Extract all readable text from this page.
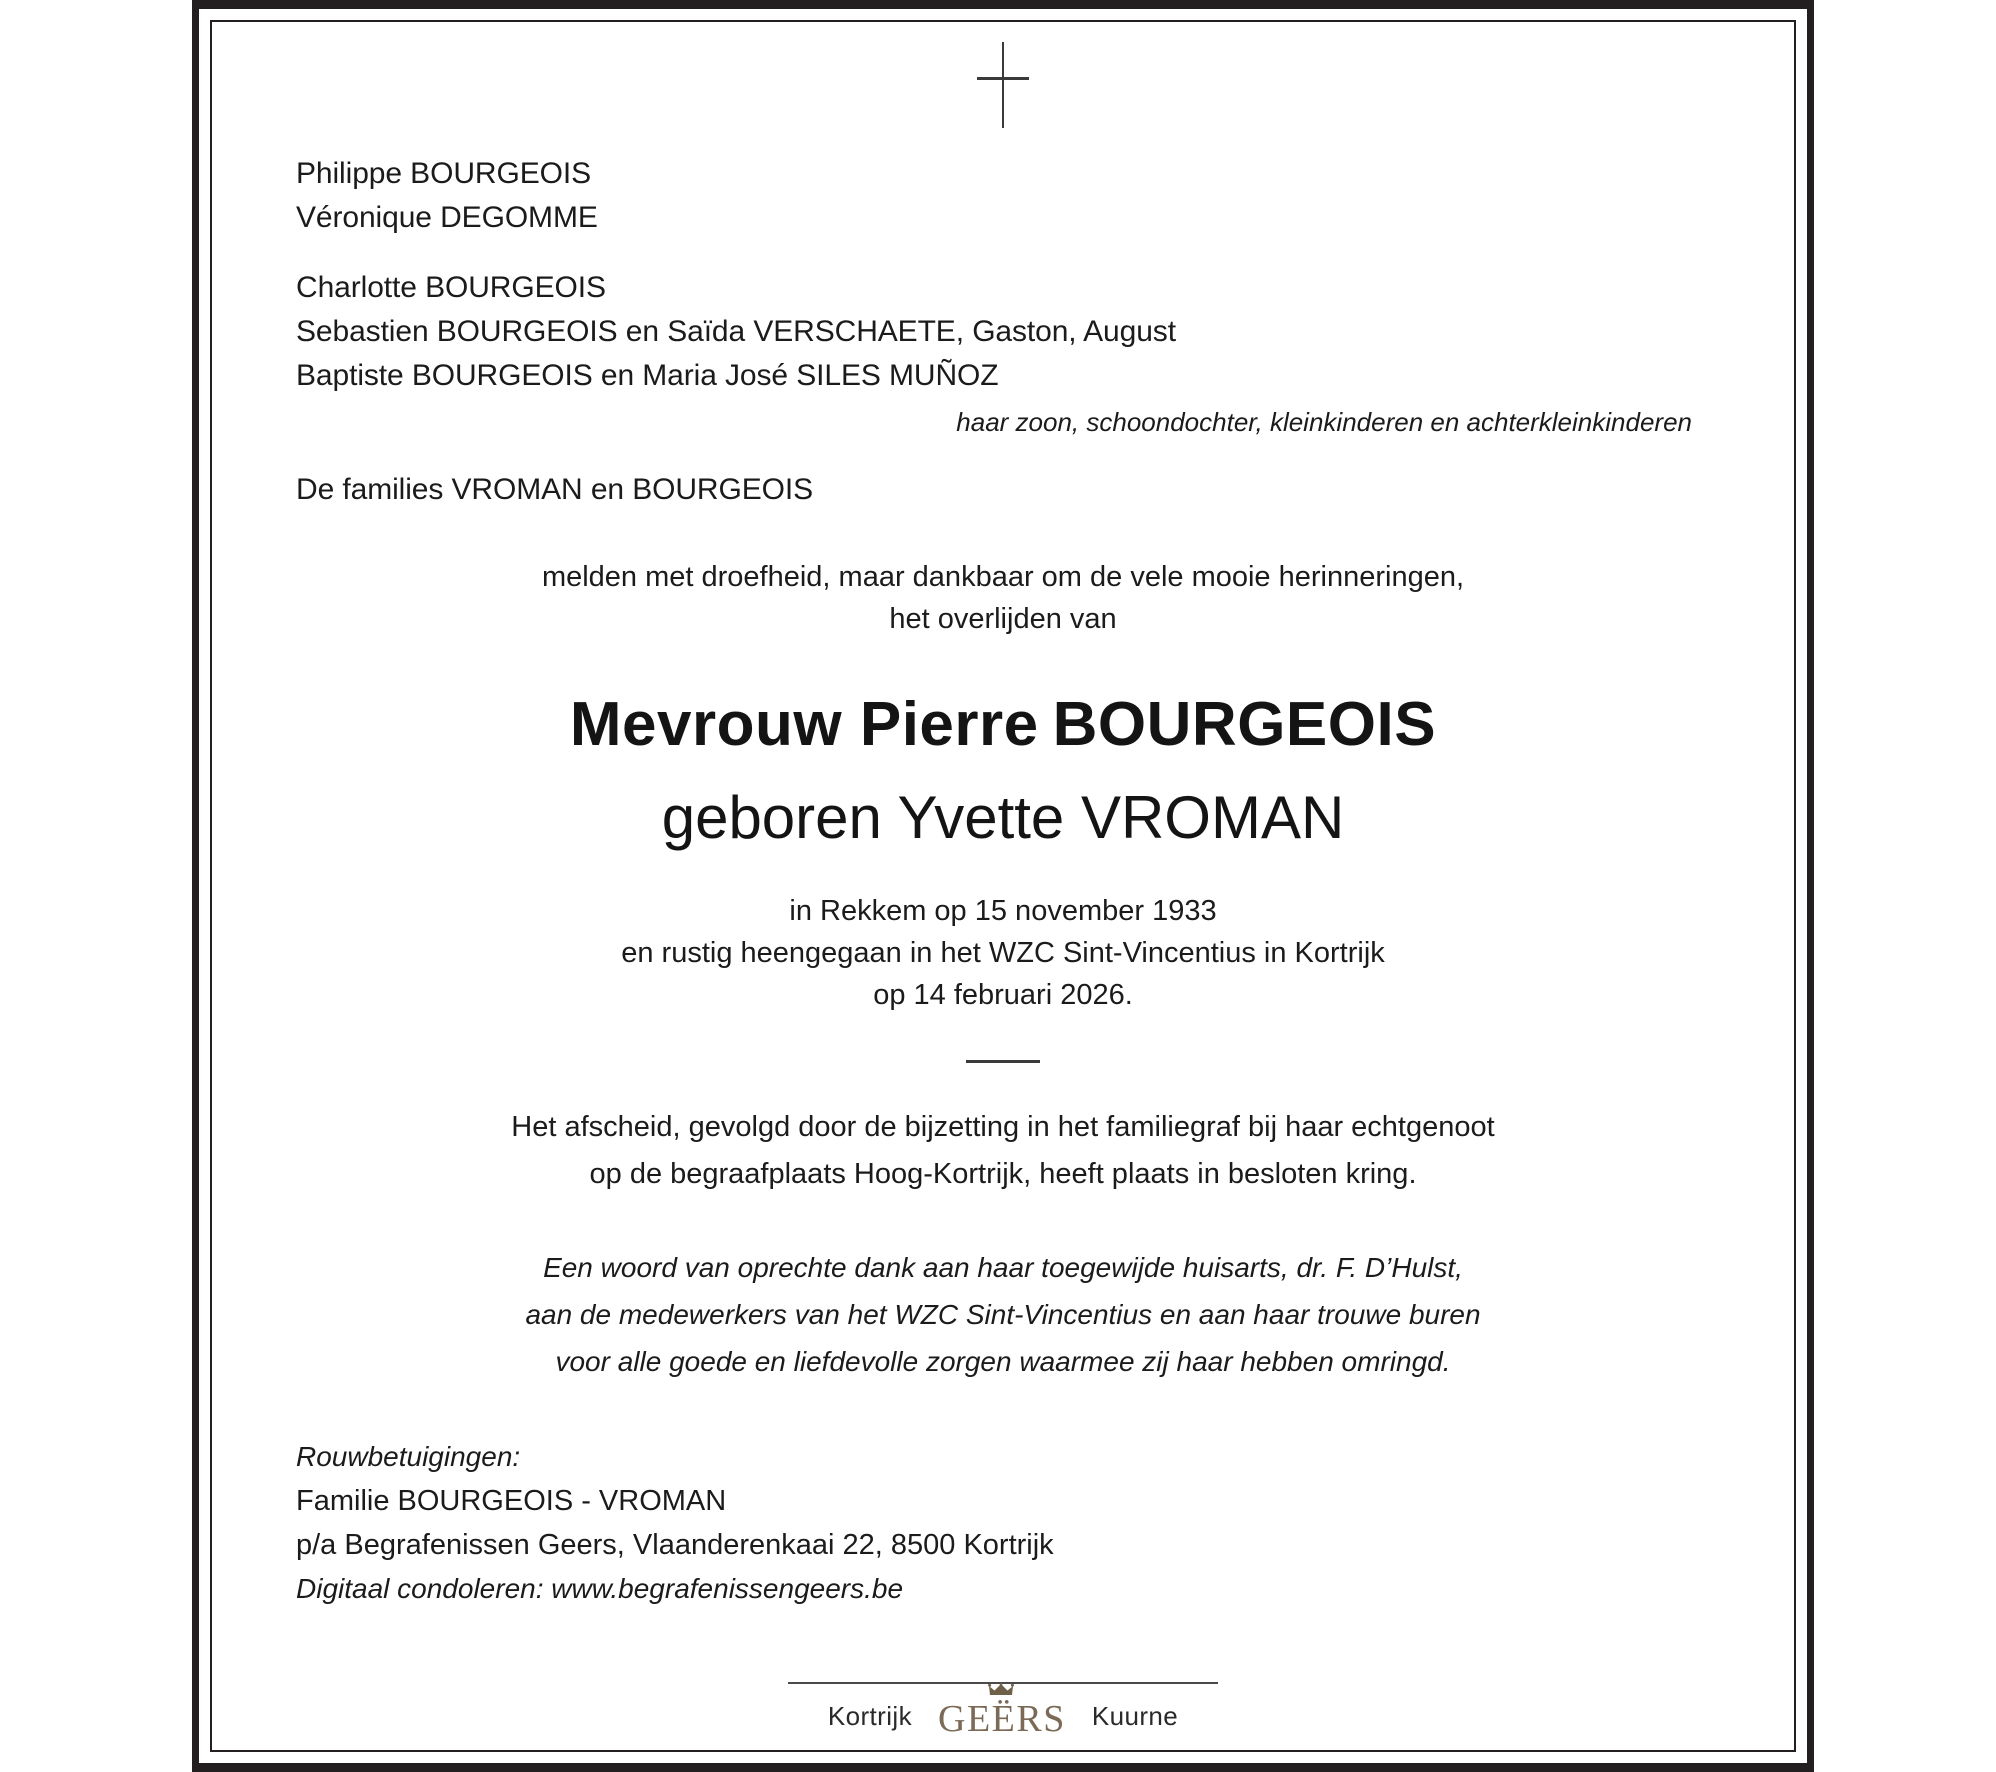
Philippe BOURGEOIS
Véronique DEGOMME
Charlotte BOURGEOIS
Sebastien BOURGEOIS en Saïda VERSCHAETE, Gaston, August
Baptiste BOURGEOIS en Maria José SILES MUÑOZ
haar zoon, schoondochter, kleinkinderen en achterkleinkinderen
De families VROMAN en BOURGEOIS
melden met droefheid, maar dankbaar om de vele mooie herinneringen,
het overlijden van
Mevrouw Pierre BOURGEOIS
geboren Yvette VROMAN
in Rekkem op 15 november 1933
en rustig heengegaan in het WZC Sint-Vincentius in Kortrijk
op 14 februari 2026.
Het afscheid, gevolgd door de bijzetting in het familiegraf bij haar echtgenoot
op de begraafplaats Hoog-Kortrijk, heeft plaats in besloten kring.
Een woord van oprechte dank aan haar toegewijde huisarts, dr. F. D’Hulst,
aan de medewerkers van het WZC Sint-Vincentius en aan haar trouwe buren
voor alle goede en liefdevolle zorgen waarmee zij haar hebben omringd.
Rouwbetuigingen:
Familie BOURGEOIS - VROMAN
p/a Begrafenissen Geers, Vlaanderenkaai 22, 8500 Kortrijk
Digitaal condoleren: www.begrafenissengeers.be
Kortrijk GEËRS Kuurne
